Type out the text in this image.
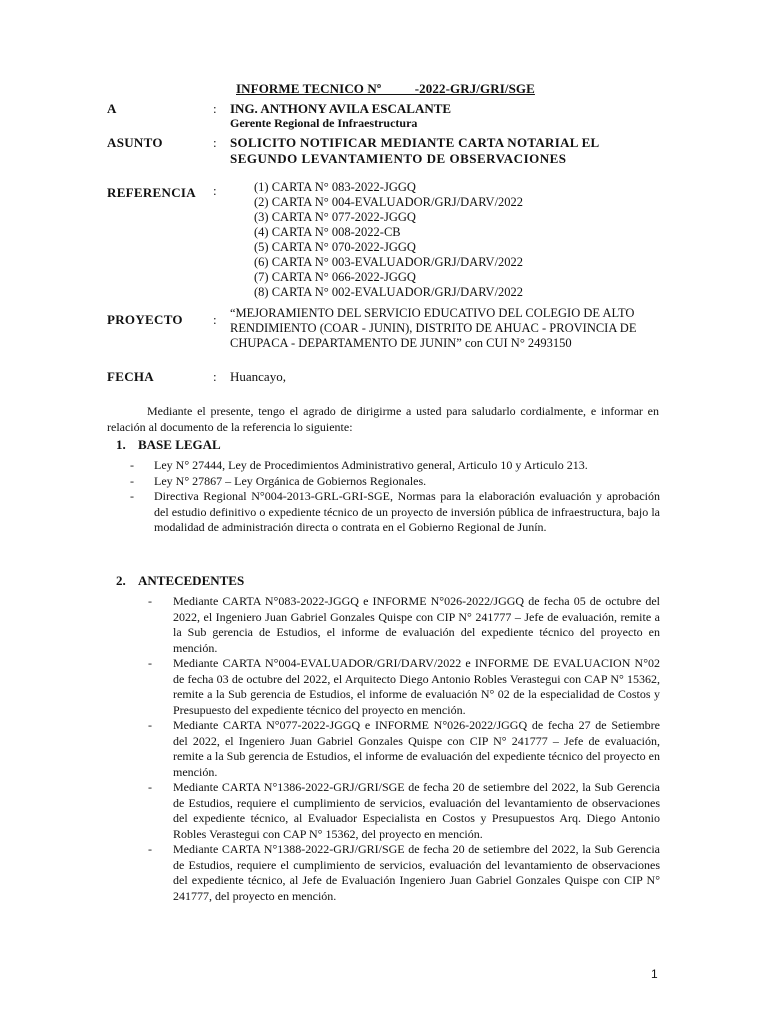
INFORME TECNICO Nº          -2022-GRJ/GRI/SGE
A	: ING. ANTHONY AVILA ESCALANTE
Gerente Regional de Infraestructura
ASUNTO	: SOLICITO NOTIFICAR MEDIANTE CARTA NOTARIAL EL
SEGUNDO LEVANTAMIENTO DE OBSERVACIONES
REFERENCIA :	(1) CARTA N° 083-2022-JGGQ
(2) CARTA N° 004-EVALUADOR/GRJ/DARV/2022
(3) CARTA N° 077-2022-JGGQ
(4) CARTA N° 008-2022-CB
(5) CARTA N° 070-2022-JGGQ
(6) CARTA N° 003-EVALUADOR/GRJ/DARV/2022
(7) CARTA N° 066-2022-JGGQ
(8) CARTA N° 002-EVALUADOR/GRJ/DARV/2022
PROYECTO : “MEJORAMIENTO DEL SERVICIO EDUCATIVO DEL COLEGIO DE ALTO RENDIMIENTO (COAR - JUNIN), DISTRITO DE AHUAC - PROVINCIA DE CHUPACA - DEPARTAMENTO DE JUNIN” con CUI N° 2493150
FECHA	: Huancayo,
Mediante el presente, tengo el agrado de dirigirme a usted para saludarlo cordialmente, e informar en relación al documento de la referencia lo siguiente:
1. BASE LEGAL
- Ley N° 27444, Ley de Procedimientos Administrativo general, Articulo 10 y Articulo 213.
- Ley N° 27867 – Ley Orgánica de Gobiernos Regionales.
- Directiva Regional N°004-2013-GRL-GRI-SGE, Normas para la elaboración evaluación y aprobación del estudio definitivo o expediente técnico de un proyecto de inversión pública de infraestructura, bajo la modalidad de administración directa o contrata en el Gobierno Regional de Junín.
2. ANTECEDENTES
- Mediante CARTA N°083-2022-JGGQ e INFORME N°026-2022/JGGQ de fecha 05 de octubre del 2022, el Ingeniero Juan Gabriel Gonzales Quispe con CIP N° 241777 – Jefe de evaluación, remite a la Sub gerencia de Estudios, el informe de evaluación del expediente técnico del proyecto en mención.
- Mediante CARTA N°004-EVALUADOR/GRI/DARV/2022 e INFORME DE EVALUACION N°02 de fecha 03 de octubre del 2022, el Arquitecto Diego Antonio Robles Verastegui con CAP N° 15362, remite a la Sub gerencia de Estudios, el informe de evaluación N° 02 de la especialidad de Costos y Presupuesto del expediente técnico del proyecto en mención.
- Mediante CARTA N°077-2022-JGGQ e INFORME N°026-2022/JGGQ de fecha 27 de Setiembre del 2022, el Ingeniero Juan Gabriel Gonzales Quispe con CIP N° 241777 – Jefe de evaluación, remite a la Sub gerencia de Estudios, el informe de evaluación del expediente técnico del proyecto en mención.
- Mediante CARTA N°1386-2022-GRJ/GRI/SGE de fecha 20 de setiembre del 2022, la Sub Gerencia de Estudios, requiere el cumplimiento de servicios, evaluación del levantamiento de observaciones del expediente técnico, al Evaluador Especialista en Costos y Presupuestos Arq. Diego Antonio Robles Verastegui con CAP N° 15362, del proyecto en mención.
- Mediante CARTA N°1388-2022-GRJ/GRI/SGE de fecha 20 de setiembre del 2022, la Sub Gerencia de Estudios, requiere el cumplimiento de servicios, evaluación del levantamiento de observaciones del expediente técnico, al Jefe de Evaluación Ingeniero Juan Gabriel Gonzales Quispe con CIP N° 241777, del proyecto en mención.
1
